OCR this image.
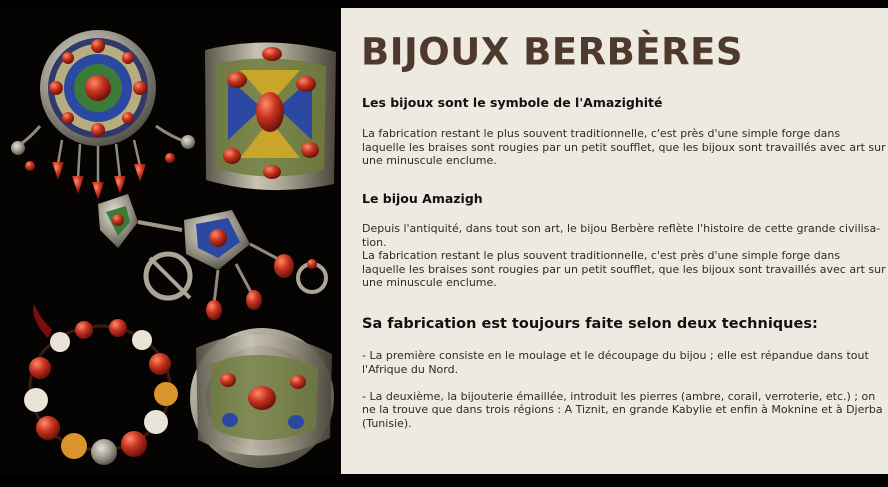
BIJOUX BERBÈRES
Les bijoux sont le symbole de l'Amazighité
La fabrication restant le plus souvent traditionnelle, c'est près d'une simple forge dans
laquelle les braises sont rougies par un petit soufflet, que les bijoux sont travaillés avec art sur
une minuscule enclume.
Le bijou Amazigh
Depuis l'antiquité, dans tout son art, le bijou Berbère reflète l'histoire de cette grande civilisa-
tion.
La fabrication restant le plus souvent traditionnelle, c'est près d'une simple forge dans
laquelle les braises sont rougies par un petit soufflet, que les bijoux sont travaillés avec art sur
une minuscule enclume.
Sa fabrication est toujours faite selon deux techniques:
- La première consiste en le moulage et le découpage du bijou ; elle est répandue dans tout
l'Afrique du Nord.
- La deuxième, la bijouterie émaillée, introduit les pierres (ambre, corail, verroterie, etc.) ; on
ne la trouve que dans trois régions : A Tiznit, en grande Kabylie et enfin à Moknine et à Djerba
(Tunisie).
